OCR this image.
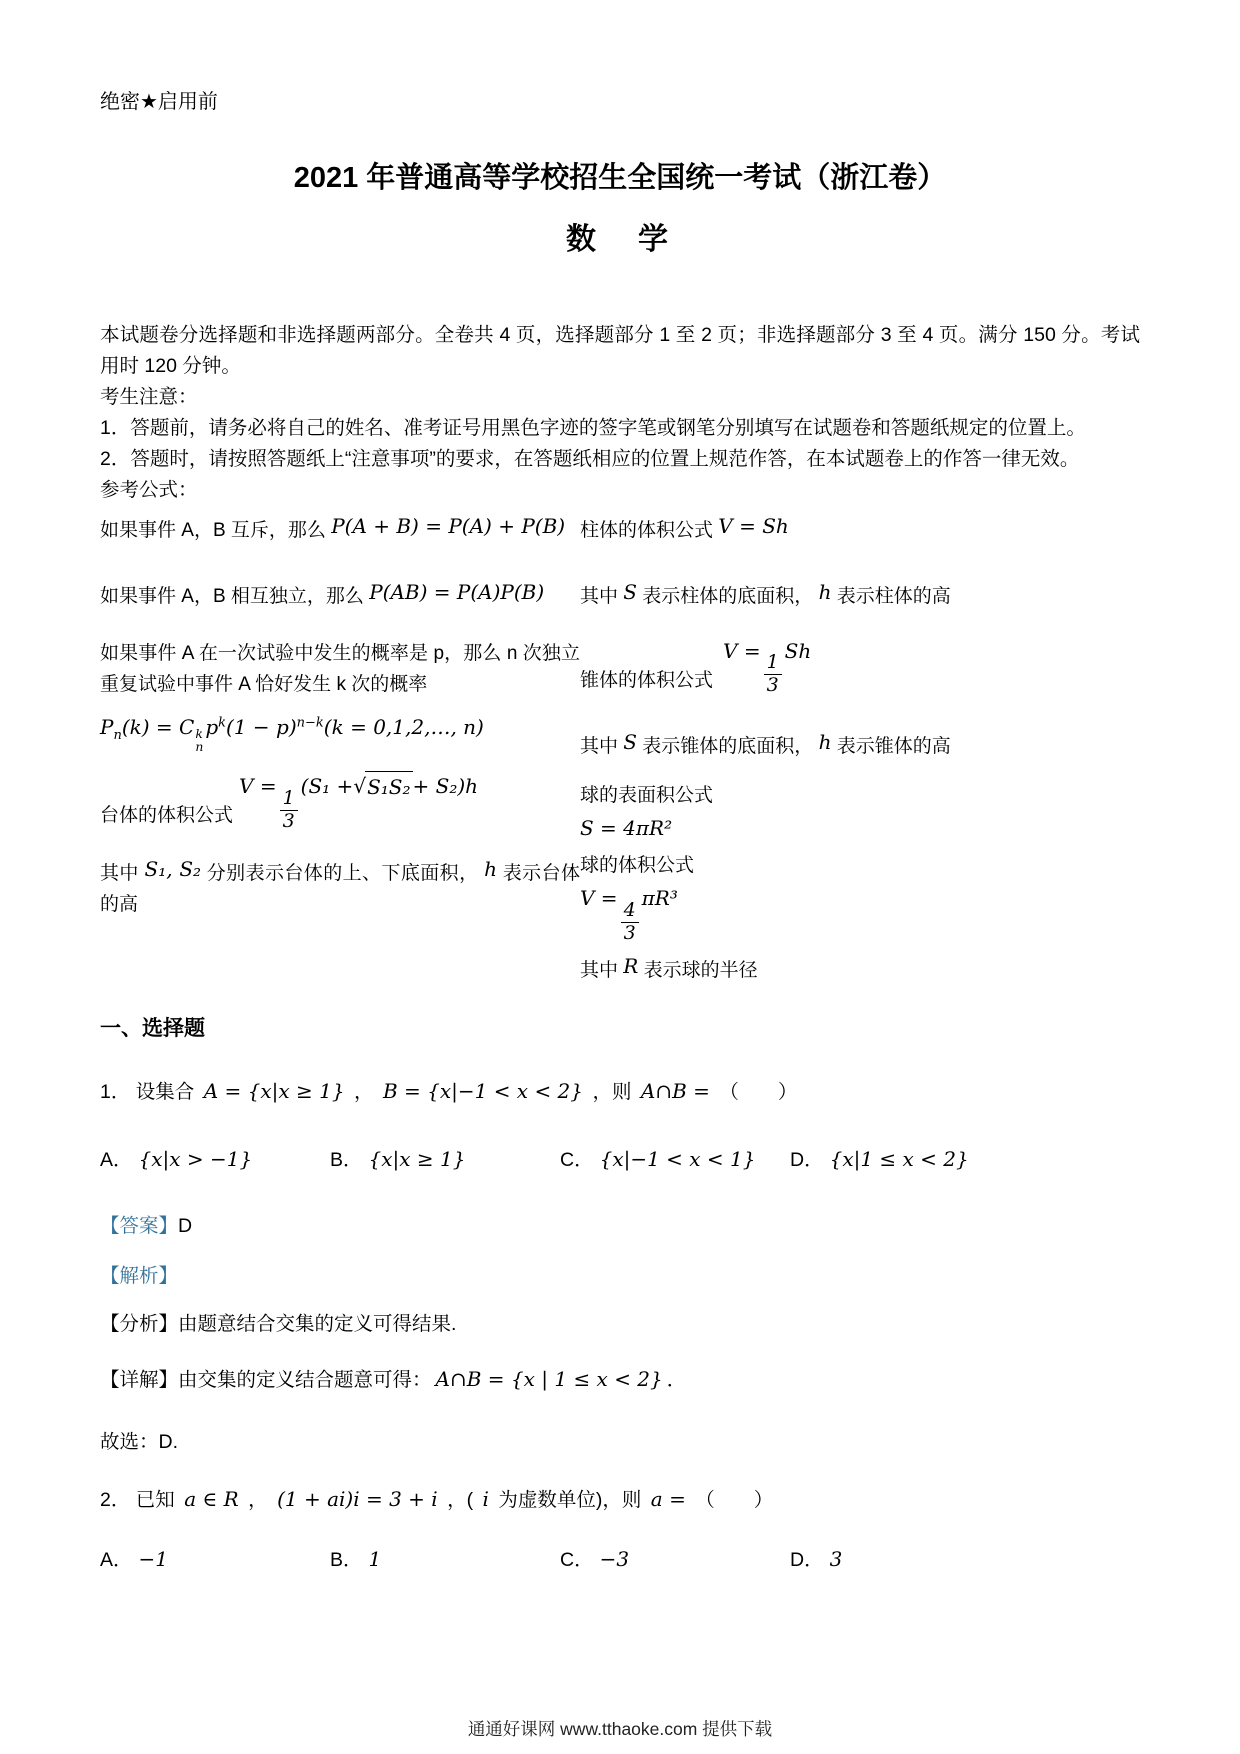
绝密★启用前
2021 年普通高等学校招生全国统一考试（浙江卷）
数　学

本试题卷分选择题和非选择题两部分。全卷共 4 页，选择题部分 1 至 2 页；非选择题部分 3 至 4 页。满分 150 分。考试用时 120 分钟。

考生注意：

1．答题前，请务必将自己的姓名、准考证号用黑色字迹的签字笔或钢笔分别填写在试题卷和答题纸规定的位置上。

2．答题时，请按照答题纸上“注意事项”的要求，在答题纸相应的位置上规范作答，在本试题卷上的作答一律无效。

参考公式：

如果事件 A，B 互斥，那么 P(A + B) = P(A) + P(B)
如果事件 A，B 相互独立，那么 P(AB) = P(A)P(B)
如果事件 A 在一次试验中发生的概率是 p，那么 n 次独立重复试验中事件 A 恰好发生 k 次的概率
$P_n(k) = C$ k
n
$p^k(1 - p)^{n-k}(k$ = 0,1,2,…, n)
台体的体积公式
V =
$\frac{1}{3}$
(S₁ + √ S₁S₂ + S₂)h
其中 S₁, S₂ 分别表示台体的上、下底面积， h 表示台体的高
柱体的体积公式 V = Sh
其中 S 表示柱体的底面积， h 表示柱体的高
锥体的体积公式
V =
$\frac{1}{3}$
Sh
其中 S 表示锥体的底面积， h 表示锥体的高
球的表面积公式
S = 4πR²
球的体积公式
V =
$\frac{4}{3}$
πR³
其中 R 表示球的半径
一、选择题
1． 设集合 A = {x|x ≥ 1} ， B = {x|−1 < x < 2} ，则 A∩B = （　　）
A． {x|x > −1}	B． {x|x ≥ 1}	C． {x|−1 < x < 1}	D． {x|1 ≤ x < 2}
【答案】D
【解析】
【分析】由题意结合交集的定义可得结果.
【详解】由交集的定义结合题意可得： A∩B = {x | 1 ≤ x < 2} ．
故选：D.
2． 已知 a ∈ R ， (1 + ai)i = 3 + i ，( i 为虚数单位)，则 a = （　　）
A． −1	B． 1	C． −3	D． 3
通通好课网 www.tthaoke.com 提供下载
